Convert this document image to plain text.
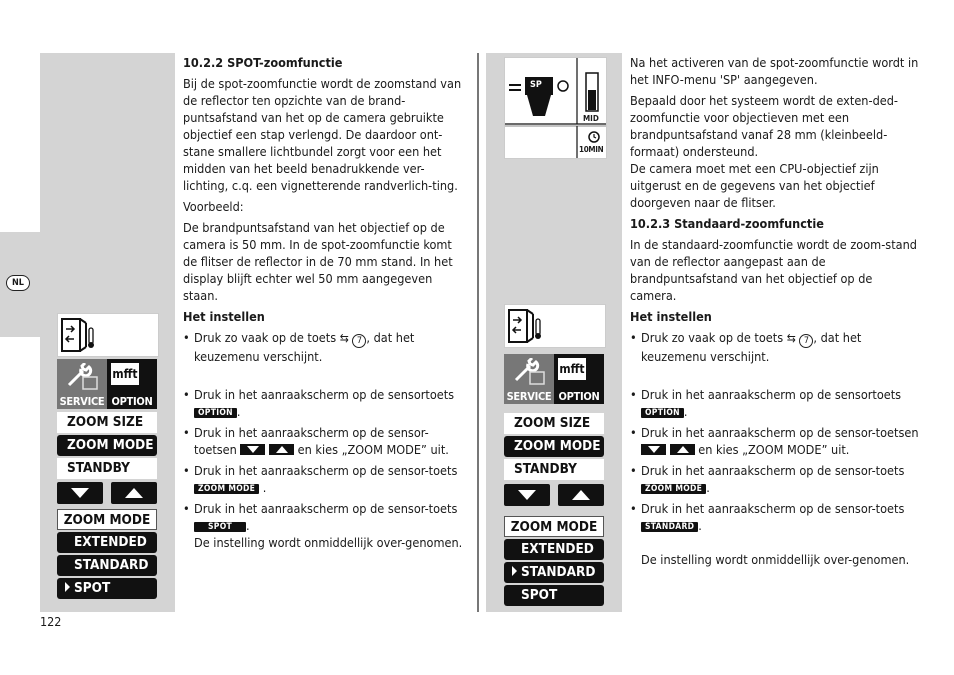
NL
SERVICE
mfft
OPTION
ZOOM SIZE
ZOOM MODE
STANDBY
ZOOM MODE
EXTENDED
STANDARD
SPOT
10.2.2 SPOT-zoomfunctie

Bij de spot-zoomfunctie wordt de zoomstand van de reflector ten opzichte van de brand-puntsafstand van het op de camera gebruikte objectief een stap verlengd. De daardoor ont-stane smallere lichtbundel zorgt voor een het midden van het beeld benadrukkende ver-lichting, c.q. een vignetterende randverlich-ting.

Voorbeeld:

De brandpuntsafstand van het objectief op de camera is 50 mm. In de spot-zoomfunctie komt de flitser de reflector in de 70 mm stand. In het display blijft echter wel 50 mm aangegeven staan.

Het instellen
• Druk zo vaak op de toets ⇆ 7 , dat het keuzemenu verschijnt.
• Druk in het aanraakscherm op de sensortoets OPTION .
• Druk in het aanraakscherm op de sensor-toetsen	en kies „ZOOM MODE” uit.
• Druk in het aanraakscherm op de sensor-toets ZOOM MODE .
• Druk in het aanraakscherm op de sensor-toets SPOT .
De instelling wordt onmiddellijk over-genomen.
SP
MID
10MIN
SERVICE
mfft
OPTION
ZOOM SIZE
ZOOM MODE
STANDBY
ZOOM MODE
EXTENDED
STANDARD
SPOT

Na het activeren van de spot-zoomfunctie wordt in het INFO-menu 'SP' aangegeven.

Bepaald door het systeem wordt de exten-ded-zoomfunctie voor objectieven met een brandpuntsafstand vanaf 28 mm (kleinbeeld-formaat) ondersteund.

De camera moet met een CPU-objectief zijn uitgerust en de gegevens van het objectief doorgeven naar de flitser.

10.2.3 Standaard-zoomfunctie

In de standaard-zoomfunctie wordt de zoom-stand van de reflector aangepast aan de brandpuntsafstand van het objectief op de camera.

Het instellen
• Druk zo vaak op de toets ⇆ 7 , dat het keuzemenu verschijnt.
• Druk in het aanraakscherm op de sensortoets OPTION .
• Druk in het aanraakscherm op de sensor-toetsen   en kies „ZOOM MODE” uit.
• Druk in het aanraakscherm op de sensor-toets ZOOM MODE .
• Druk in het aanraakscherm op de sensor-toets STANDARD .

De instelling wordt onmiddellijk over-genomen.
122
